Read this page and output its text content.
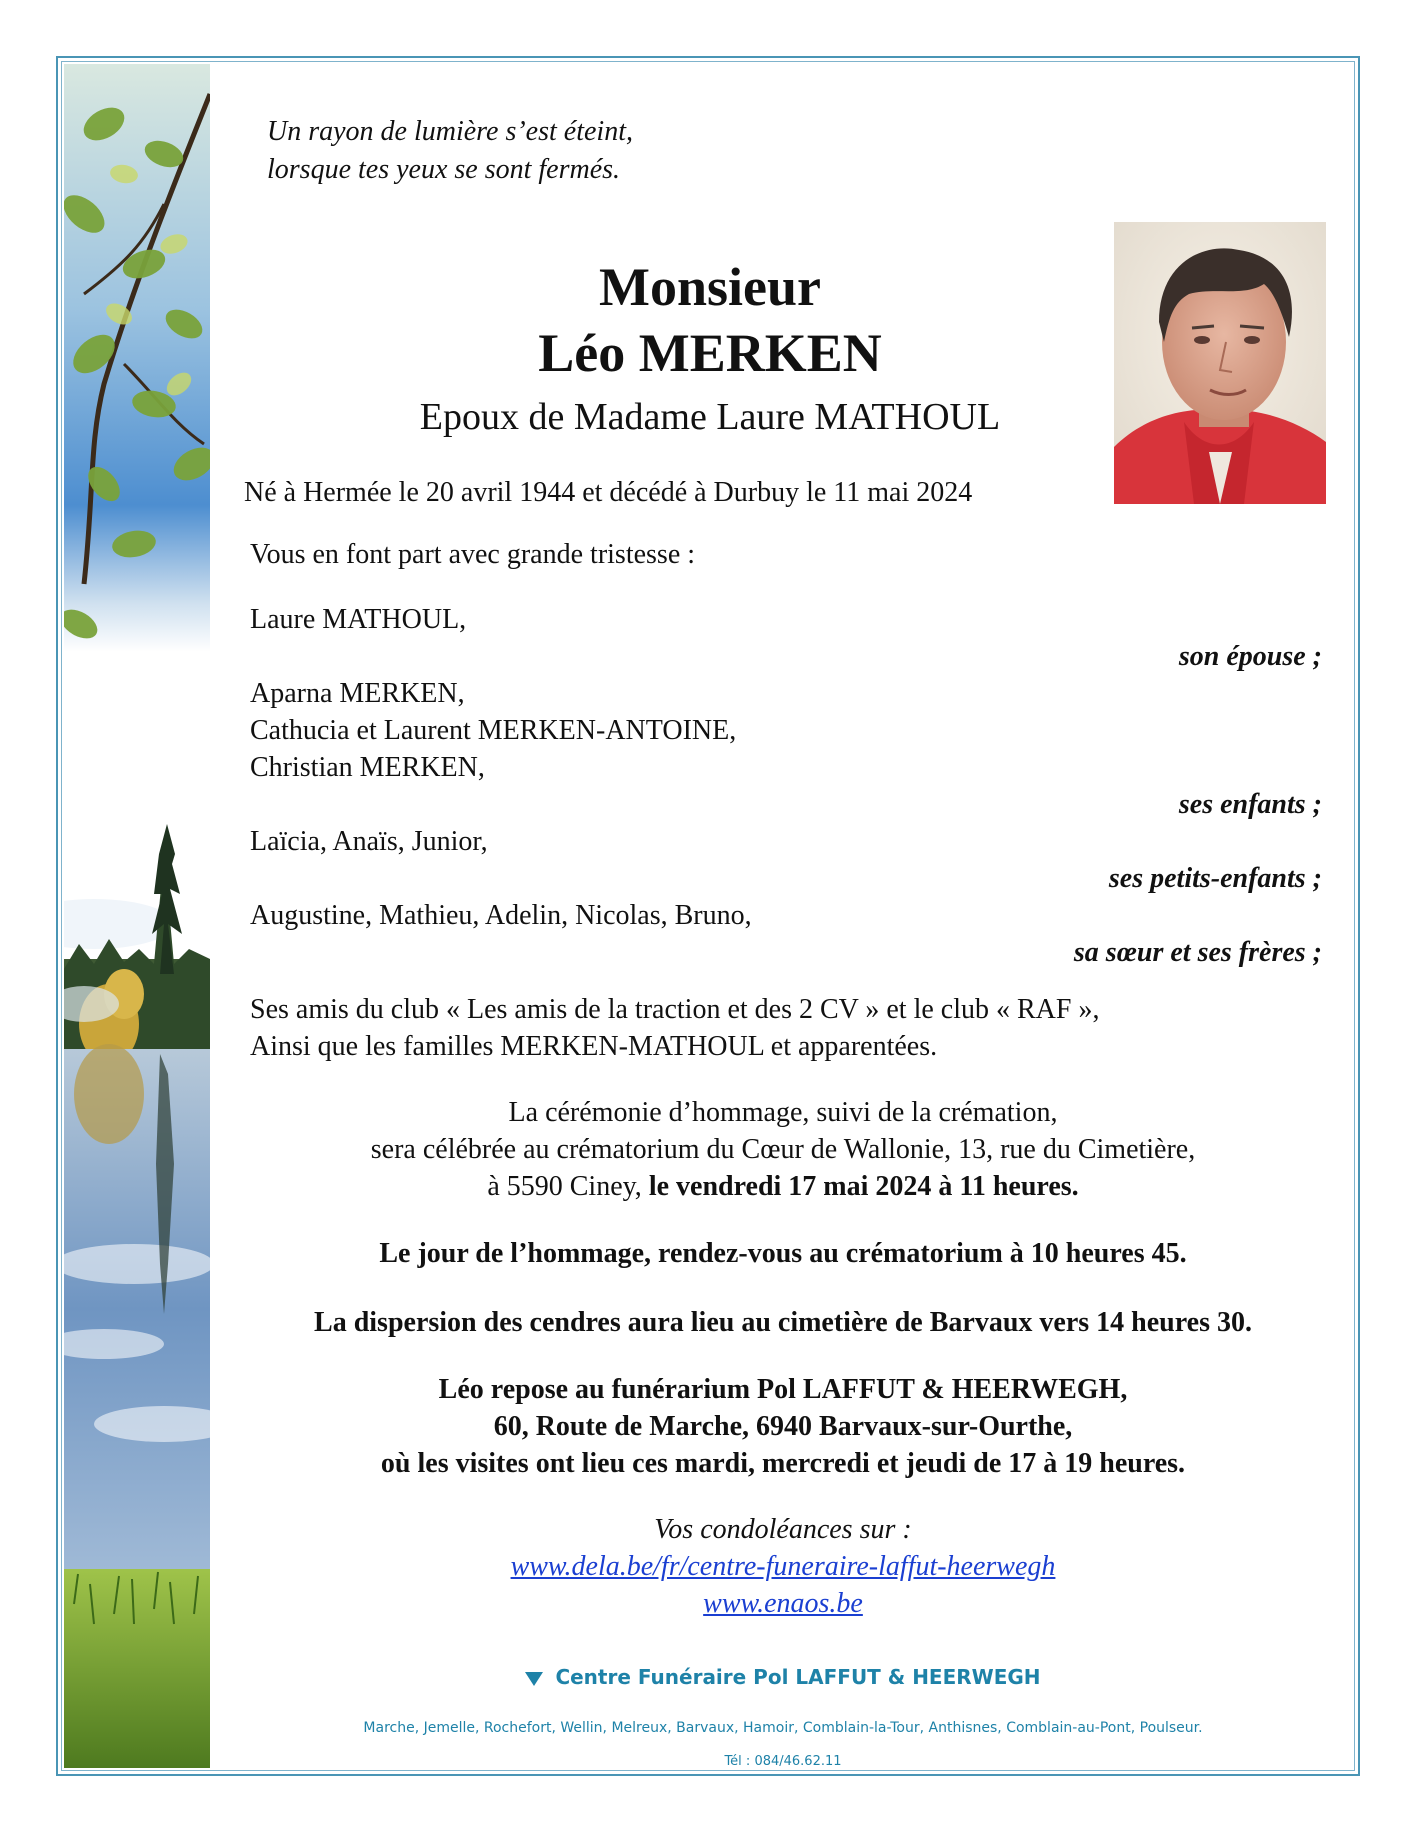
Un rayon de lumière s’est éteint,
lorsque tes yeux se sont fermés.
Monsieur
Léo MERKEN
Epoux de Madame Laure MATHOUL
Né à Hermée le 20 avril 1944 et décédé à Durbuy le 11 mai 2024
Vous en font part avec grande tristesse :
Laure MATHOUL,
son épouse ;
Aparna MERKEN,
Cathucia et Laurent MERKEN-ANTOINE,
Christian MERKEN,
ses enfants ;
Laïcia, Anaïs, Junior,
ses petits-enfants ;
Augustine, Mathieu, Adelin, Nicolas, Bruno,
sa sœur et ses frères ;
Ses amis du club « Les amis de la traction et des 2 CV » et le club « RAF »,
Ainsi que les familles MERKEN-MATHOUL et apparentées.
La cérémonie d’hommage, suivi de la crémation,
sera célébrée au crématorium du Cœur de Wallonie, 13, rue du Cimetière,
à 5590 Ciney, le vendredi 17 mai 2024 à 11 heures.
Le jour de l’hommage, rendez-vous au crématorium à 10 heures 45.
La dispersion des cendres aura lieu au cimetière de Barvaux vers 14 heures 30.
Léo repose au funérarium Pol LAFFUT & HEERWEGH,
60, Route de Marche, 6940 Barvaux-sur-Ourthe,
où les visites ont lieu ces mardi, mercredi et jeudi de 17 à 19 heures.
Vos condoléances sur :
www.dela.be/fr/centre-funeraire-laffut-heerwegh
www.enaos.be
Centre Funéraire Pol LAFFUT & HEERWEGH
Marche, Jemelle, Rochefort, Wellin, Melreux, Barvaux, Hamoir, Comblain-la-Tour, Anthisnes, Comblain-au-Pont, Poulseur.
Tél : 084/46.62.11
